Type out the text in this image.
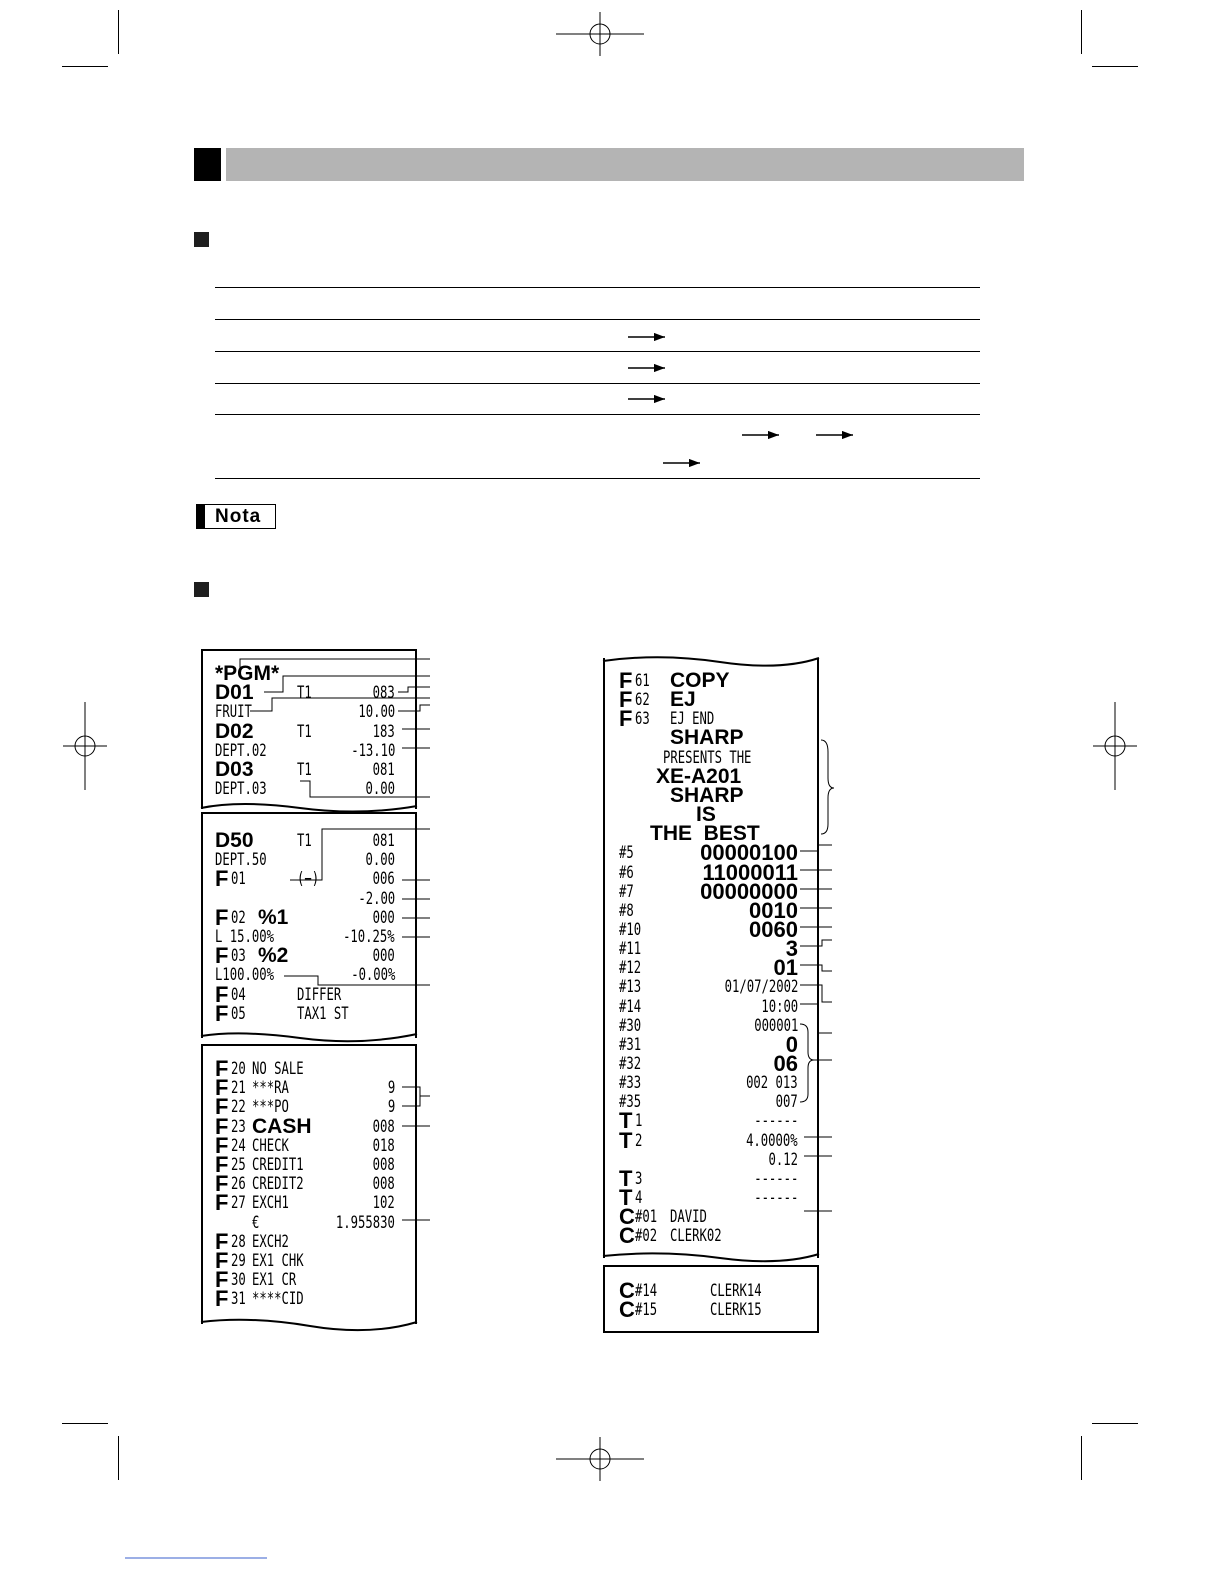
Nota
*PGM*
D01	T1	083
FRUIT	10.00
D02	T1	183
DEPT.02	-13.10
D03	T1	081
DEPT.03	0.00
D50	T1	081
DEPT.50	0.00
F 01	(−)	006
-2.00
F 02 %1	000
L 15.00%	-10.25%
F 03 %2	000
L100.00%	-0.00%
F 04	DIFFER
F 05	TAX1 ST
F 20 NO SALE
F 21 ***RA	9
F 22 ***PO	9
F 23 CASH	008
F 24 CHECK	018
F 25 CREDIT1	008
F 26 CREDIT2	008
F 27 EXCH1	102
€	1.955830
F 28 EXCH2
F 29 EX1 CHK
F 30 EX1 CR
F 31 ****CID
F 61 COPY
F 62 EJ
F 63 EJ END
SHARP
PRESENTS THE
XE-A201
SHARP
IS
THE  BEST
#5	00000100
#6	11000011
#7	00000000
#8	0010
#10	0060
#11	3
#12	01
#13	01/07/2002
#14	10:00
#30	000001
#31	0
#32	06
#33	002 013
#35	007
T 1	------
T 2	4.0000%
0.12
T 3	------
T 4	------
C #01 DAVID
C #02 CLERK02
C #14	CLERK14
C #15	CLERK15
